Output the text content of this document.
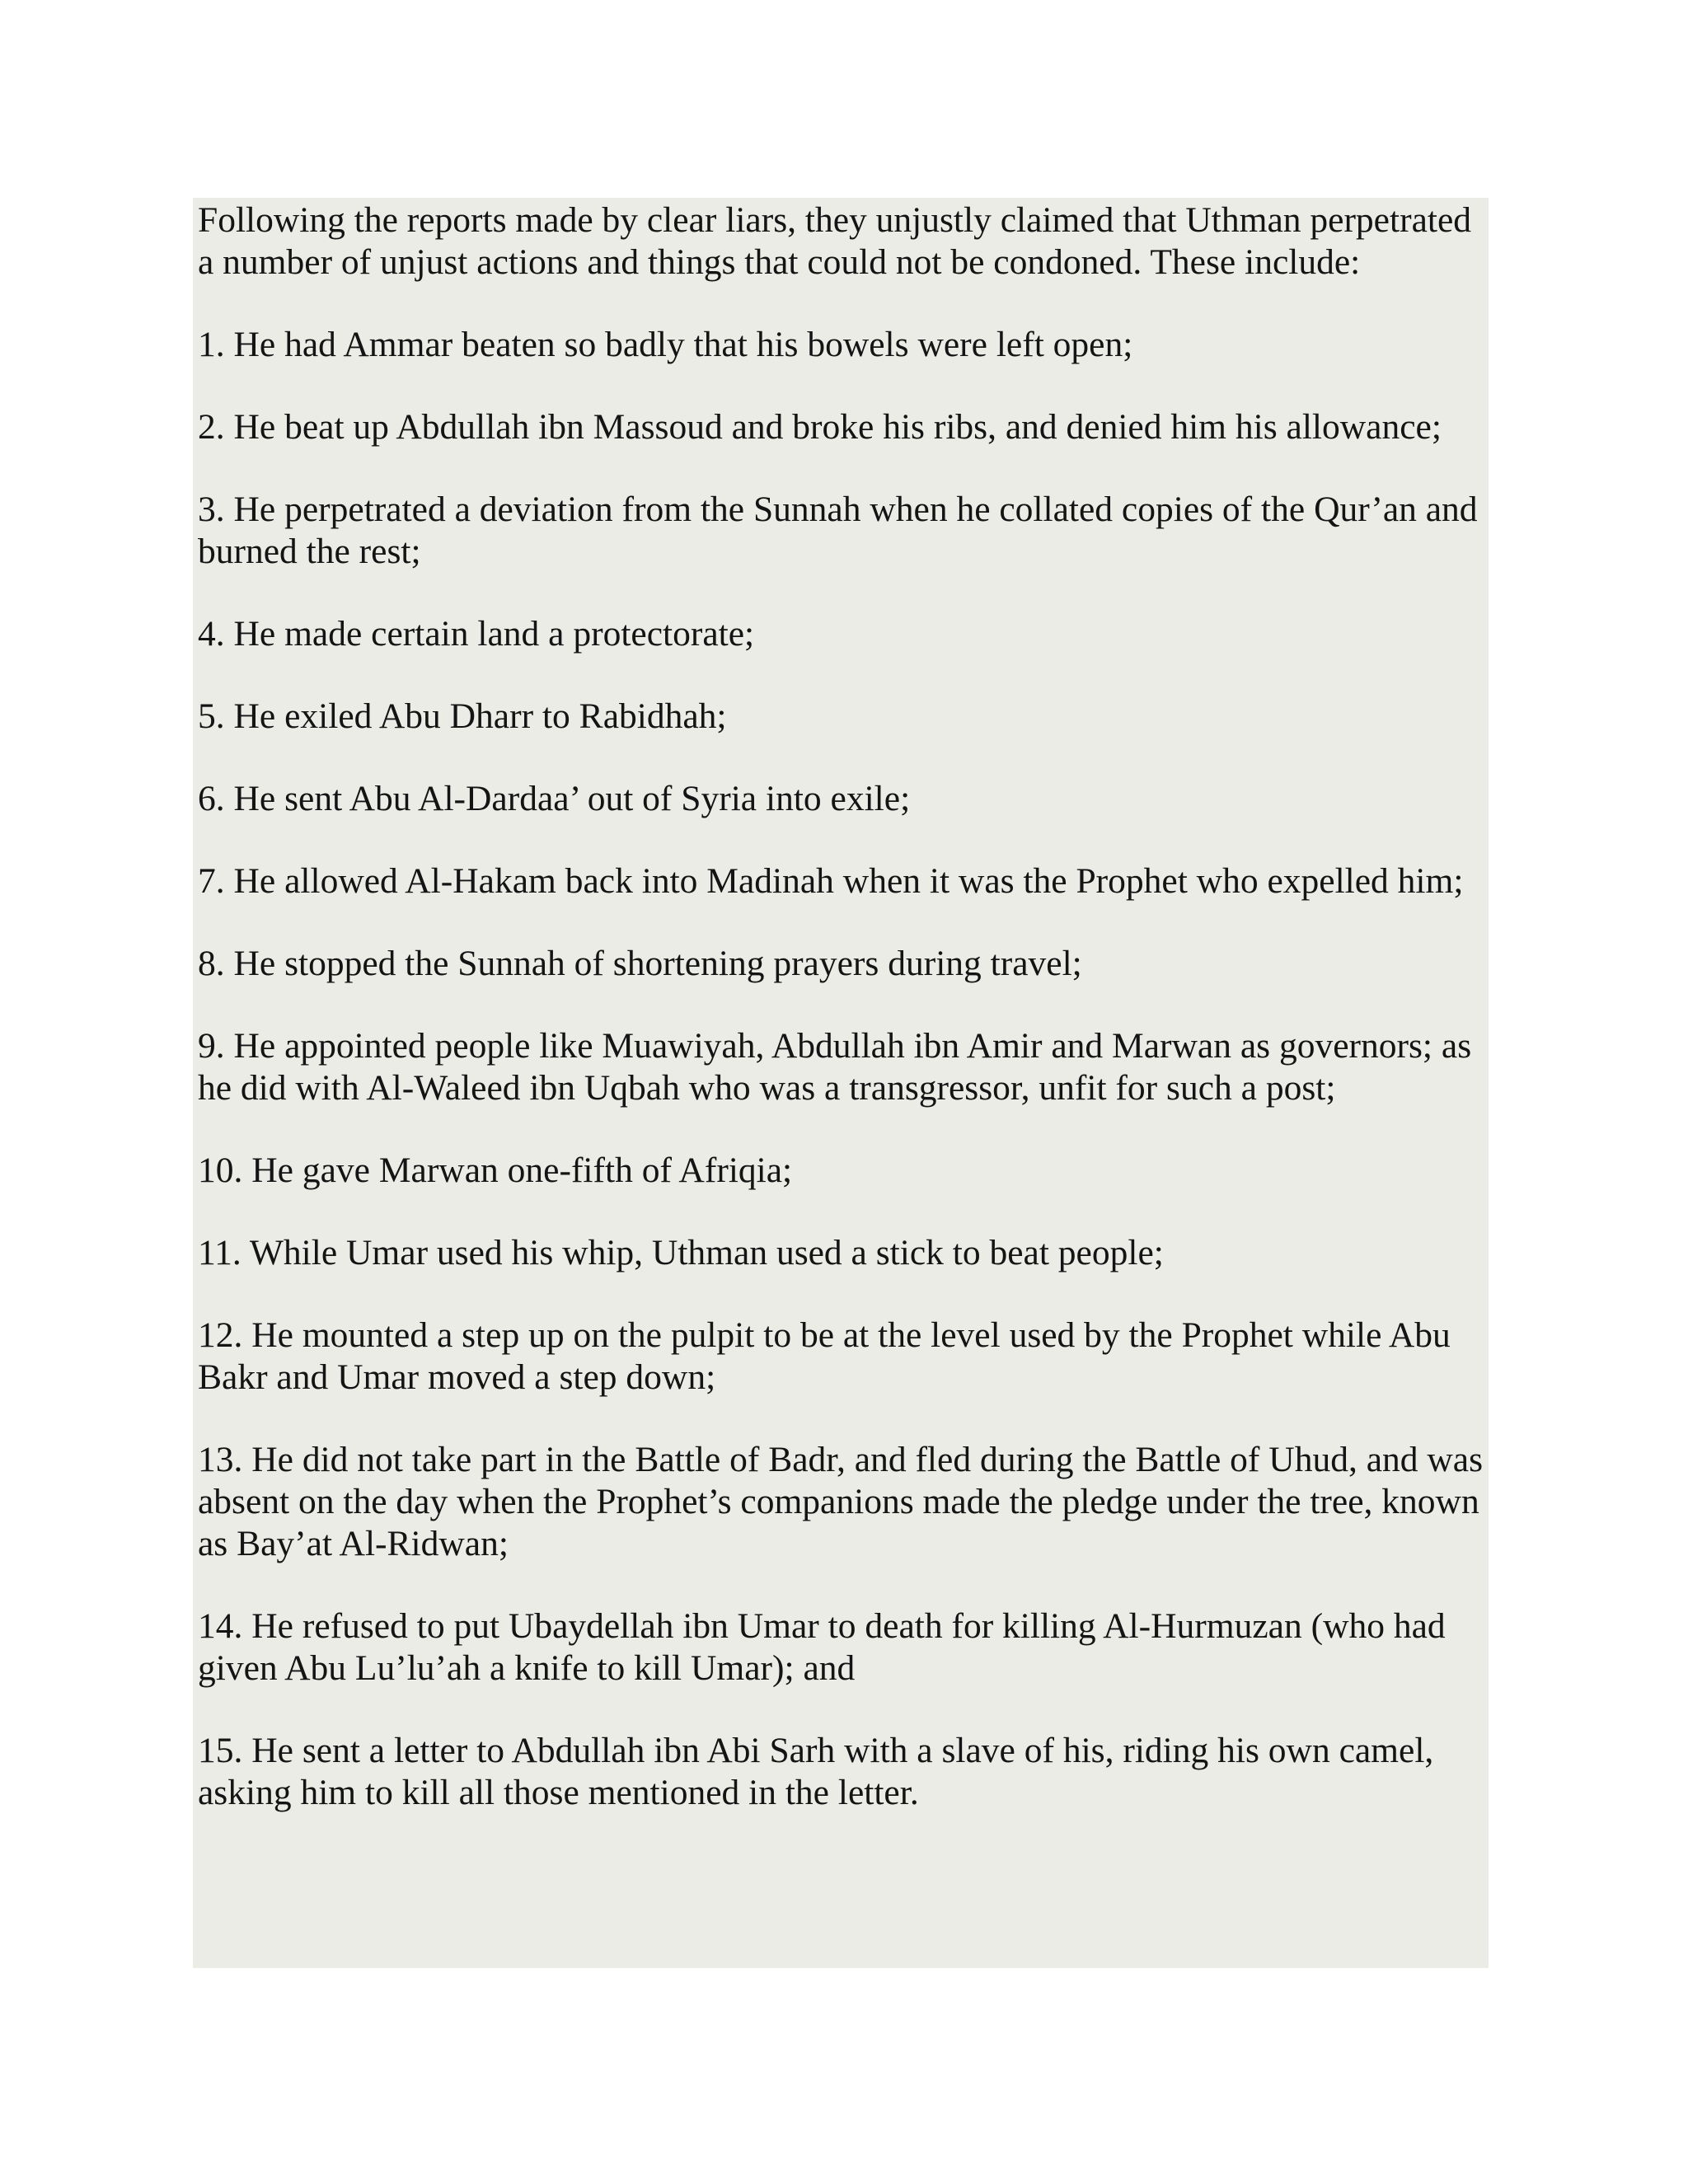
Following the reports made by clear liars, they unjustly claimed that Uthman perpetrated a number of unjust actions and things that could not be condoned. These include:

1. He had Ammar beaten so badly that his bowels were left open;

2. He beat up Abdullah ibn Massoud and broke his ribs, and denied him his allowance;

3. He perpetrated a deviation from the Sunnah when he collated copies of the Qur’an and burned the rest;

4. He made certain land a protectorate;

5. He exiled Abu Dharr to Rabidhah;

6. He sent Abu Al-Dardaa’ out of Syria into exile;

7. He allowed Al-Hakam back into Madinah when it was the Prophet who expelled him;

8. He stopped the Sunnah of shortening prayers during travel;

9. He appointed people like Muawiyah, Abdullah ibn Amir and Marwan as governors; as he did with Al-Waleed ibn Uqbah who was a transgressor, unfit for such a post;

10. He gave Marwan one-fifth of Afriqia;

11. While Umar used his whip, Uthman used a stick to beat people;

12. He mounted a step up on the pulpit to be at the level used by the Prophet while Abu Bakr and Umar moved a step down;

13. He did not take part in the Battle of Badr, and fled during the Battle of Uhud, and was absent on the day when the Prophet’s companions made the pledge under the tree, known as Bay’at Al-Ridwan;

14. He refused to put Ubaydellah ibn Umar to death for killing Al-Hurmuzan (who had given Abu Lu’lu’ah a knife to kill Umar); and

15. He sent a letter to Abdullah ibn Abi Sarh with a slave of his, riding his own camel, asking him to kill all those mentioned in the letter.
